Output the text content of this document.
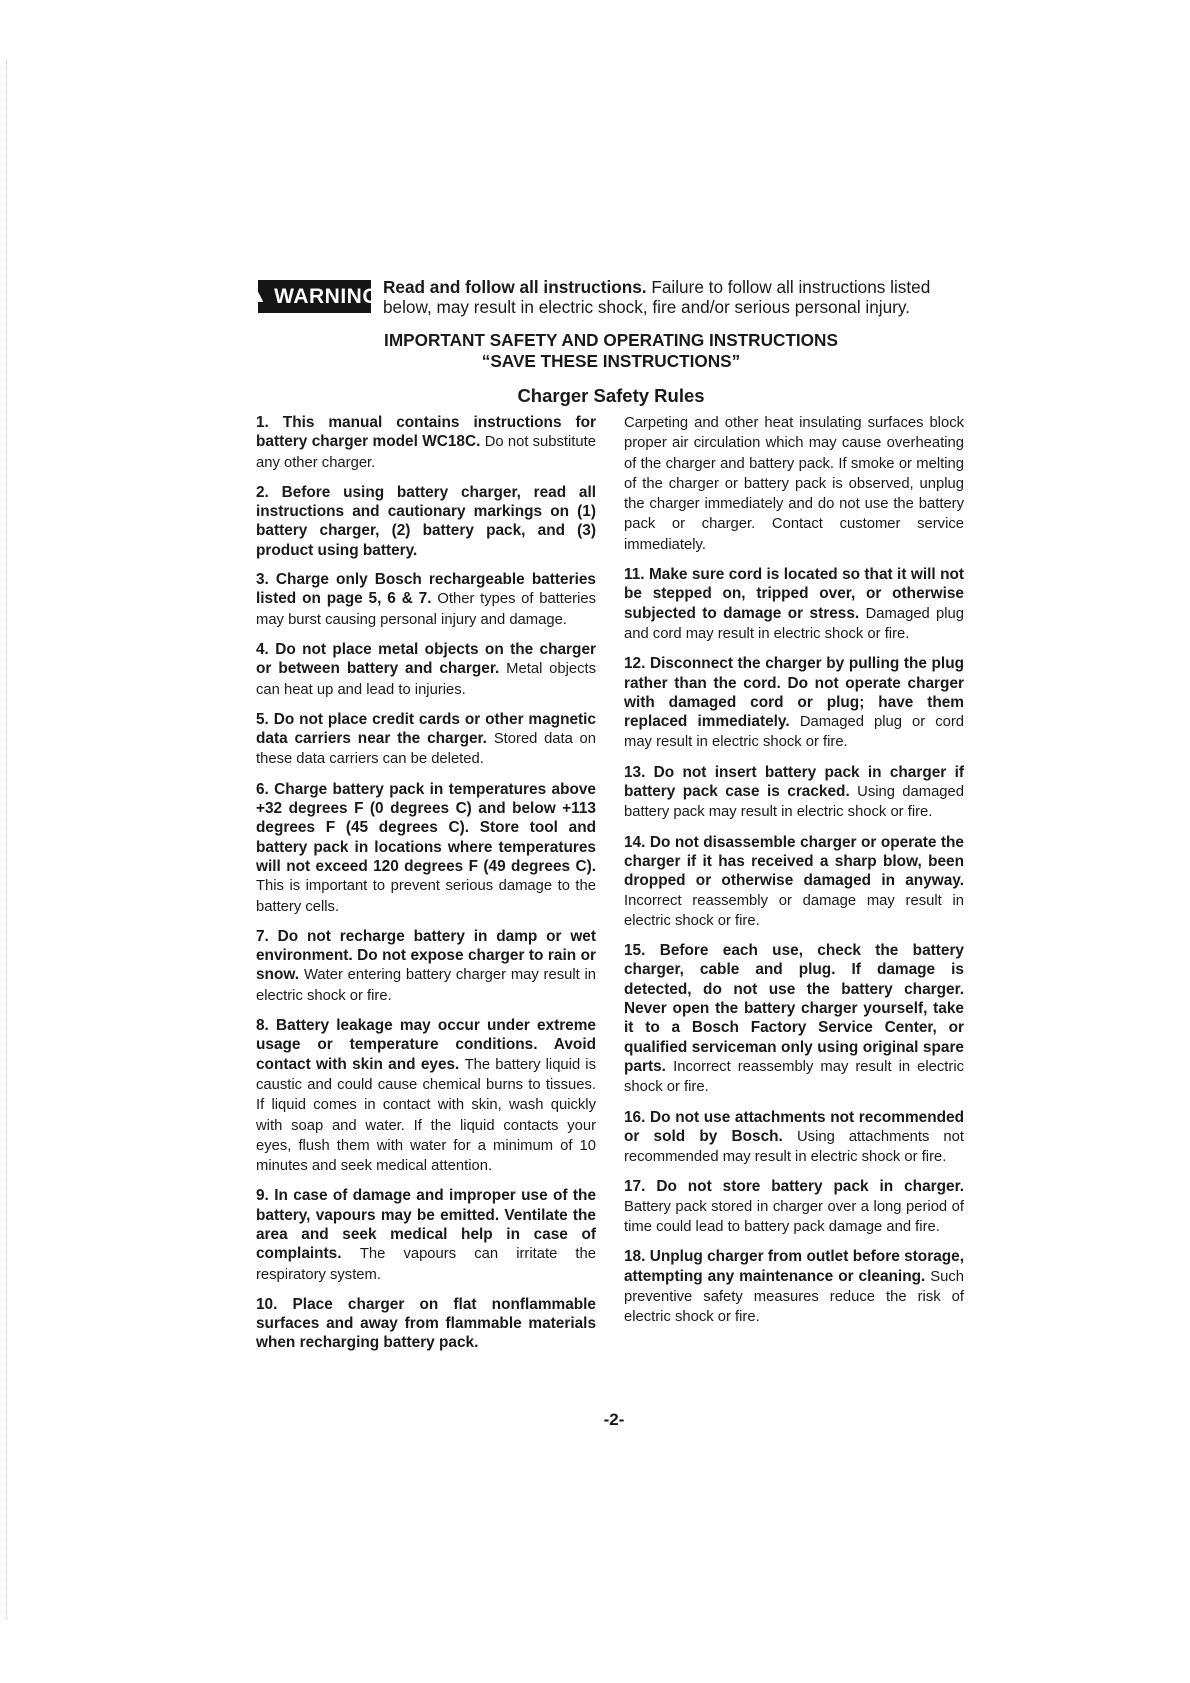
▲ WARNING Read and follow all instructions. Failure to follow all instructions listed below, may result in electric shock, fire and/or serious personal injury.
IMPORTANT SAFETY AND OPERATING INSTRUCTIONS
“SAVE THESE INSTRUCTIONS”
Charger Safety Rules

1. This manual contains instructions for battery charger model WC18C. Do not substitute any other charger.

2. Before using battery charger, read all instructions and cautionary markings on (1) battery charger, (2) battery pack, and (3) product using battery.

3. Charge only Bosch rechargeable batteries listed on page 5, 6 & 7. Other types of batteries may burst causing personal injury and damage.

4. Do not place metal objects on the charger or between battery and charger. Metal objects can heat up and lead to injuries.

5. Do not place credit cards or other magnetic data carriers near the charger. Stored data on these data carriers can be deleted.

6. Charge battery pack in temperatures above +32 degrees F (0 degrees C) and below +113 degrees F (45 degrees C). Store tool and battery pack in locations where temperatures will not exceed 120 degrees F (49 degrees C). This is important to prevent serious damage to the battery cells.

7. Do not recharge battery in damp or wet environment. Do not expose charger to rain or snow. Water entering battery charger may result in electric shock or fire.

8. Battery leakage may occur under extreme usage or temperature conditions. Avoid contact with skin and eyes. The battery liquid is caustic and could cause chemical burns to tissues. If liquid comes in contact with skin, wash quickly with soap and water. If the liquid contacts your eyes, flush them with water for a minimum of 10 minutes and seek medical attention.

9. In case of damage and improper use of the battery, vapours may be emitted. Ventilate the area and seek medical help in case of complaints. The vapours can irritate the respiratory system.

10. Place charger on flat nonflammable surfaces and away from flammable materials when recharging battery pack.

Carpeting and other heat insulating surfaces block proper air circulation which may cause overheating of the charger and battery pack. If smoke or melting of the charger or battery pack is observed, unplug the charger immediately and do not use the battery pack or charger. Contact customer service immediately.

11. Make sure cord is located so that it will not be stepped on, tripped over, or otherwise subjected to damage or stress. Damaged plug and cord may result in electric shock or fire.

12. Disconnect the charger by pulling the plug rather than the cord. Do not operate charger with damaged cord or plug; have them replaced immediately. Damaged plug or cord may result in electric shock or fire.

13. Do not insert battery pack in charger if battery pack case is cracked. Using damaged battery pack may result in electric shock or fire.

14. Do not disassemble charger or operate the charger if it has received a sharp blow, been dropped or otherwise damaged in anyway. Incorrect reassembly or damage may result in electric shock or fire.

15. Before each use, check the battery charger, cable and plug. If damage is detected, do not use the battery charger. Never open the battery charger yourself, take it to a Bosch Factory Service Center, or qualified serviceman only using original spare parts. Incorrect reassembly may result in electric shock or fire.

16. Do not use attachments not recommended or sold by Bosch. Using attachments not recommended may result in electric shock or fire.

17. Do not store battery pack in charger. Battery pack stored in charger over a long period of time could lead to battery pack damage and fire.

18. Unplug charger from outlet before storage, attempting any maintenance or cleaning. Such preventive safety measures reduce the risk of electric shock or fire.

-2-
